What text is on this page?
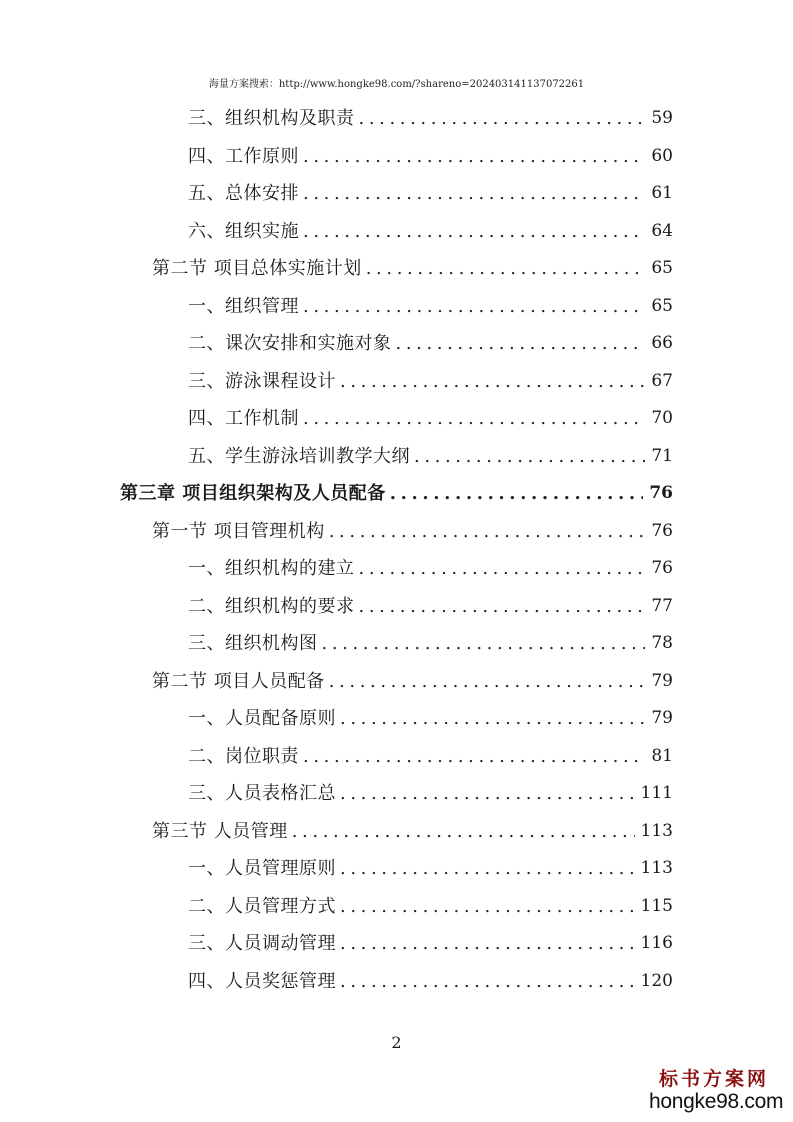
海量方案搜索：http://www.hongke98.com/?shareno=202403141137072261
三、组织机构及职责 .....	59
四、工作原则 .....	60
五、总体安排 .....	61
六、组织实施 .....	64
第二节 项目总体实施计划 .....	65
一、组织管理 .....	65
二、课次安排和实施对象 .....	66
三、游泳课程设计 .....	67
四、工作机制 .....	70
五、学生游泳培训教学大纲 .....	71
第三章 项目组织架构及人员配备 .....	76
第一节 项目管理机构 .....	76
一、组织机构的建立 .....	76
二、组织机构的要求 .....	77
三、组织机构图 .....	78
第二节 项目人员配备 .....	79
一、人员配备原则 .....	79
二、岗位职责 .....	81
三、人员表格汇总 .....	111
第三节 人员管理 .....	113
一、人员管理原则 .....	113
二、人员管理方式 .....	115
三、人员调动管理 .....	116
四、人员奖惩管理 .....	120
2
标书方案网
hongke98.com
